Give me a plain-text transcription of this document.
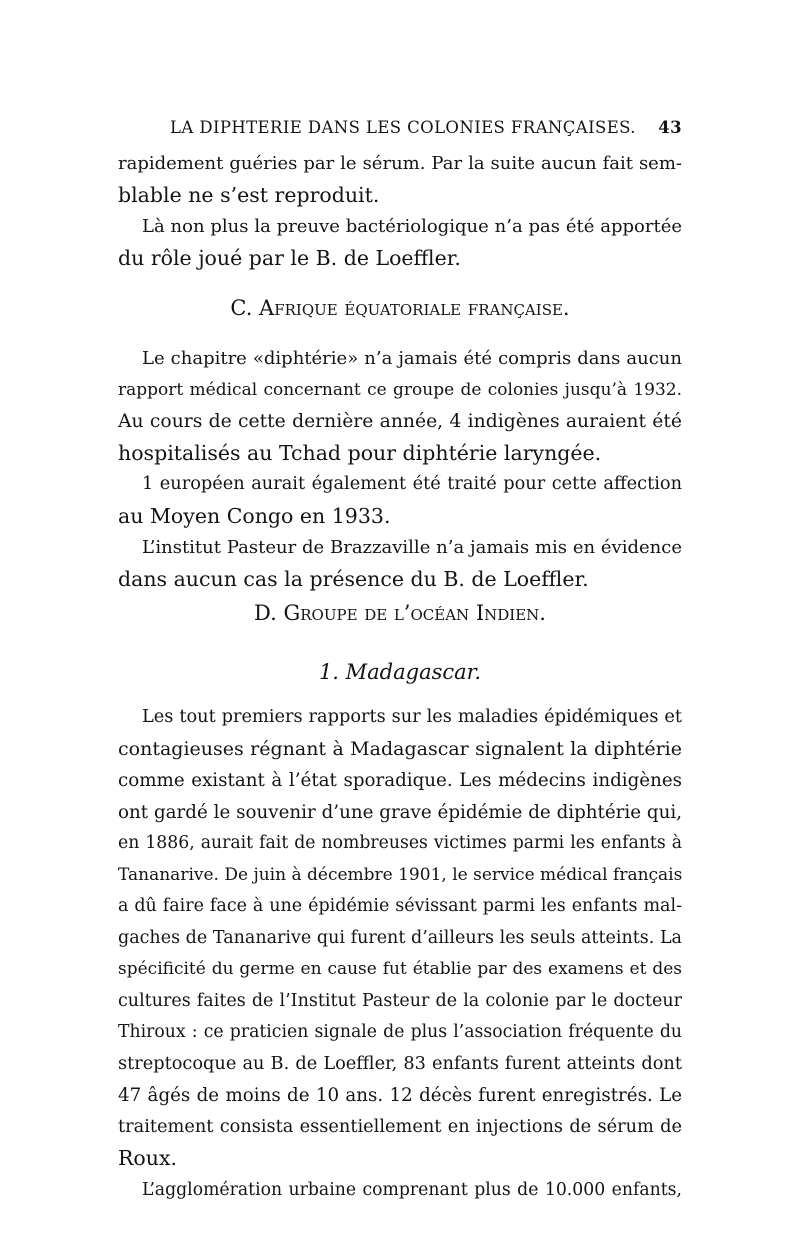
LA DIPHTERIE DANS LES COLONIES FRANÇAISES. 43

rapidement guéries par le sérum. Par la suite aucun fait sem-
blable ne s’est reproduit.

Là non plus la preuve bactériologique n’a pas été apportée
du rôle joué par le B. de Loeffler.

C. Afrique équatoriale française.

Le chapitre «diphtérie» n’a jamais été compris dans aucun
rapport médical concernant ce groupe de colonies jusqu’à 1932.
Au cours de cette dernière année, 4 indigènes auraient été
hospitalisés au Tchad pour diphtérie laryngée.

1 européen aurait également été traité pour cette affection
au Moyen Congo en 1933.

L’institut Pasteur de Brazzaville n’a jamais mis en évidence
dans aucun cas la présence du B. de Loeffler.

D. Groupe de l’océan Indien.
1. Madagascar.

Les tout premiers rapports sur les maladies épidémiques et
contagieuses régnant à Madagascar signalent la diphtérie
comme existant à l’état sporadique. Les médecins indigènes
ont gardé le souvenir d’une grave épidémie de diphtérie qui,
en 1886, aurait fait de nombreuses victimes parmi les enfants à
Tananarive. De juin à décembre 1901, le service médical français
a dû faire face à une épidémie sévissant parmi les enfants mal-
gaches de Tananarive qui furent d’ailleurs les seuls atteints. La
spécificité du germe en cause fut établie par des examens et des
cultures faites de l’Institut Pasteur de la colonie par le docteur
Thiroux : ce praticien signale de plus l’association fréquente du
streptocoque au B. de Loeffler, 83 enfants furent atteints dont
47 âgés de moins de 10 ans. 12 décès furent enregistrés. Le
traitement consista essentiellement en injections de sérum de
Roux.

L’agglomération urbaine comprenant plus de 10.000 enfants,
